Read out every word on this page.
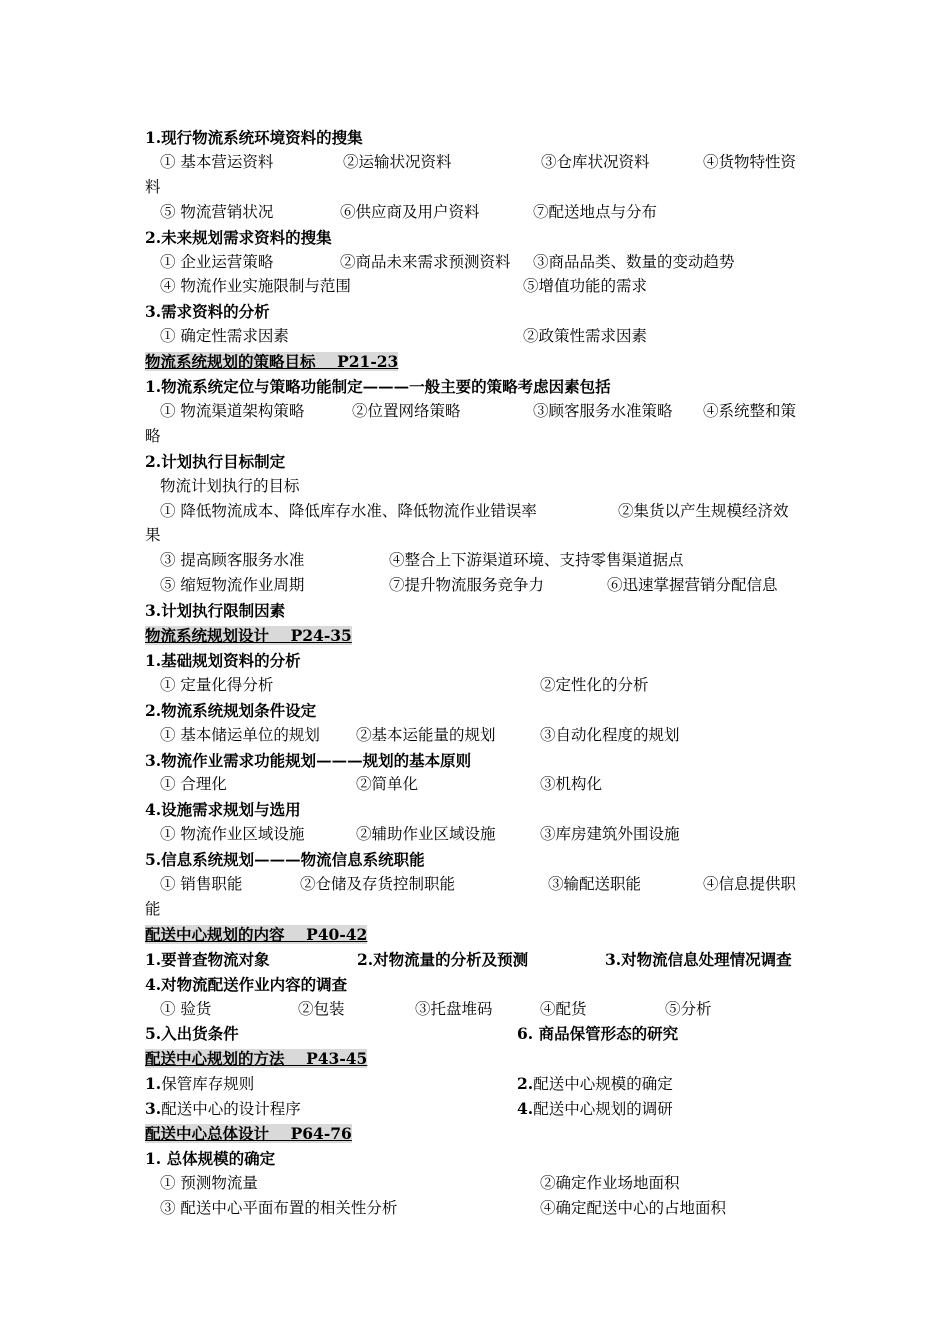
1.现行物流系统环境资料的搜集
① 基本营运资料	②运输状况资料	③仓库状况资料	④货物特性资
料
⑤ 物流营销状况	⑥供应商及用户资料	⑦配送地点与分布
2.未来规划需求资料的搜集
① 企业运营策略	②商品未来需求预测资料 ③商品品类、数量的变动趋势
④ 物流作业实施限制与范围	⑤增值功能的需求
3.需求资料的分析
① 确定性需求因素	②政策性需求因素
物流系统规划的策略目标 P21-23
1.物流系统定位与策略功能制定———一般主要的策略考虑因素包括
① 物流渠道架构策略	②位置网络策略	③顾客服务水准策略 ④系统整和策
略
2.计划执行目标制定
物流计划执行的目标
① 降低物流成本、降低库存水准、降低物流作业错误率	②集货以产生规模经济效
果
③ 提高顾客服务水准	④整合上下游渠道环境、支持零售渠道据点
⑤ 缩短物流作业周期	⑦提升物流服务竞争力	⑥迅速掌握营销分配信息
3.计划执行限制因素
物流系统规划设计 P24-35
1.基础规划资料的分析
① 定量化得分析	②定性化的分析
2.物流系统规划条件设定
① 基本储运单位的规划 ②基本运能量的规划	③自动化程度的规划
3.物流作业需求功能规划———规划的基本原则
① 合理化	②简单化	③机构化
4.设施需求规划与选用
① 物流作业区域设施	②辅助作业区域设施	③库房建筑外围设施
5.信息系统规划———物流信息系统职能
① 销售职能	②仓储及存货控制职能	③输配送职能	④信息提供职
能
配送中心规划的内容 P40-42
1.要普查物流对象	2.对物流量的分析及预测	3.对物流信息处理情况调查
4.对物流配送作业内容的调查
① 验货	②包装	③托盘堆码	④配货	⑤分析
5.入出货条件	6. 商品保管形态的研究
配送中心规划的方法 P43-45
1.保管库存规则	2.配送中心规模的确定
3.配送中心的设计程序	4.配送中心规划的调研
配送中心总体设计 P64-76
1. 总体规模的确定
① 预测物流量	②确定作业场地面积
③ 配送中心平面布置的相关性分析	④确定配送中心的占地面积
